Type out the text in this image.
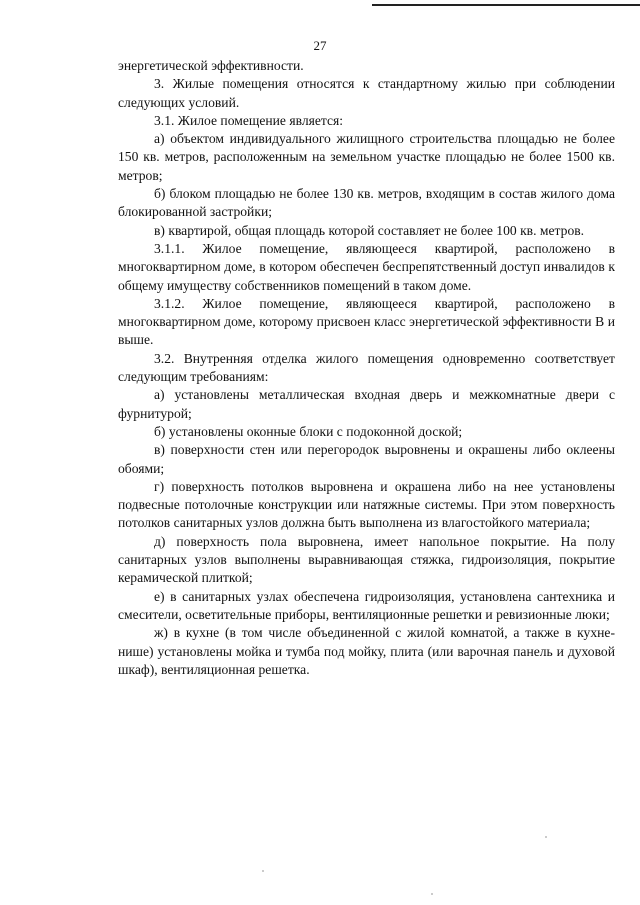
27

энергетической эффективности.

3. Жилые помещения относятся к стандартному жилью при соблюдении следующих условий.

3.1. Жилое помещение является:

а) объектом индивидуального жилищного строительства площадью не более 150 кв. метров, расположенным на земельном участке площадью не более 1500 кв. метров;

б) блоком площадью не более 130 кв. метров, входящим в состав жилого дома блокированной застройки;

в) квартирой, общая площадь которой составляет не более 100 кв. метров.

3.1.1. Жилое помещение, являющееся квартирой, расположено в многоквартирном доме, в котором обеспечен беспрепятственный доступ инвалидов к общему имуществу собственников помещений в таком доме.

3.1.2. Жилое помещение, являющееся квартирой, расположено в многоквартирном доме, которому присвоен класс энергетической эффективности В и выше.

3.2. Внутренняя отделка жилого помещения одновременно соответствует следующим требованиям:

а) установлены металлическая входная дверь и межкомнатные двери с фурнитурой;

б) установлены оконные блоки с подоконной доской;

в) поверхности стен или перегородок выровнены и окрашены либо оклеены обоями;

г) поверхность потолков выровнена и окрашена либо на нее установлены подвесные потолочные конструкции или натяжные системы. При этом поверхность потолков санитарных узлов должна быть выполнена из влагостойкого материала;

д) поверхность пола выровнена, имеет напольное покрытие. На полу санитарных узлов выполнены выравнивающая стяжка, гидроизоляция, покрытие керамической плиткой;

е) в санитарных узлах обеспечена гидроизоляция, установлена сантехника и смесители, осветительные приборы, вентиляционные решетки и ревизионные люки;

ж) в кухне (в том числе объединенной с жилой комнатой, а также в кухне-нише) установлены мойка и тумба под мойку, плита (или варочная панель и духовой шкаф), вентиляционная решетка.
